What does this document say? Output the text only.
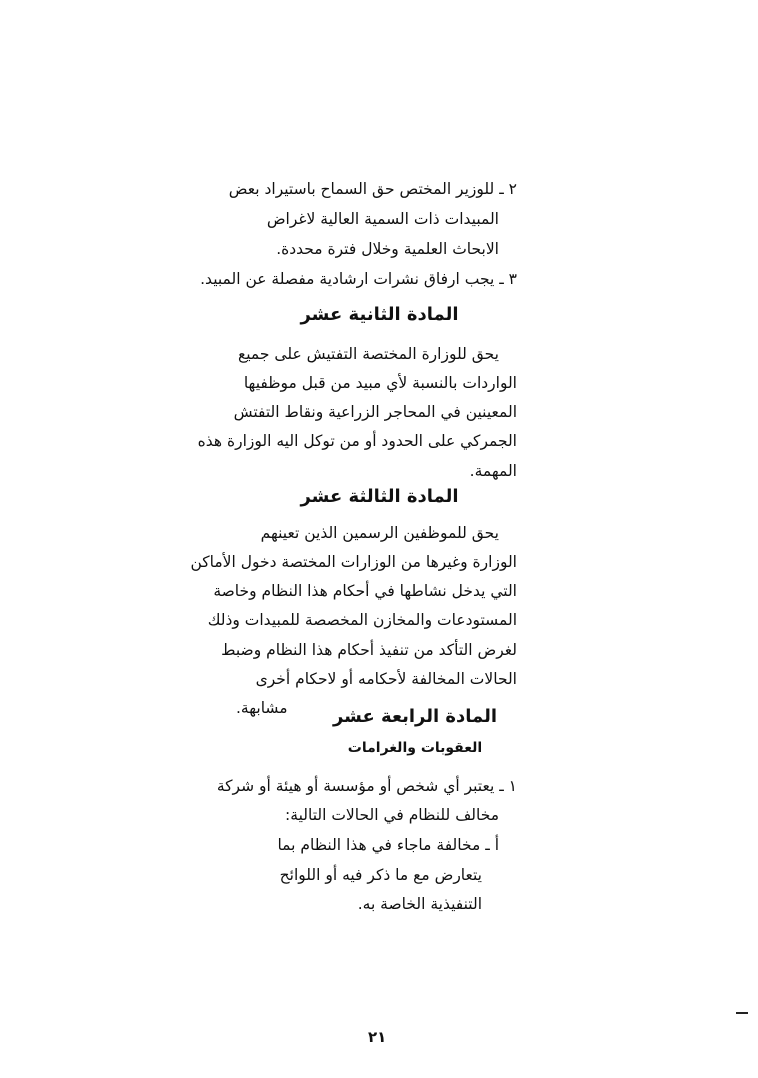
٢ ـ للوزير المختص حق السماح باستيراد بعض
المبيدات ذات السمية العالية لاغراض
الابحاث العلمية وخلال فترة محددة.
٣ ـ يجب ارفاق نشرات ارشادية مفصلة عن المبيد.
المادة الثانية عشر
يحق للوزارة المختصة التفتيش على جميع
الواردات بالنسبة لأي مبيد من قبل موظفيها
المعينين في المحاجر الزراعية ونقاط التفتش
الجمركي على الحدود أو من توكل اليه الوزارة هذه
المهمة.
المادة الثالثة عشر
يحق للموظفين الرسمين الذين تعينهم
الوزارة وغيرها من الوزارات المختصة دخول الأماكن
التي يدخل نشاطها في أحكام هذا النظام وخاصة
المستودعات والمخازن المخصصة للمبيدات وذلك
لغرض التأكد من تنفيذ أحكام هذا النظام وضبط
الحالات المخالفة لأحكامه أو لاحكام أخرى
مشابهة.	المادة الرابعة عشر
العقوبات والغرامات
١ ـ يعتبر أي شخص أو مؤسسة أو هيئة أو شركة
مخالف للنظام في الحالات التالية:
أ ـ مخالفة ماجاء في هذا النظام بما
يتعارض مع ما ذكر فيه أو اللوائح
التنفيذية الخاصة به.
٢١
